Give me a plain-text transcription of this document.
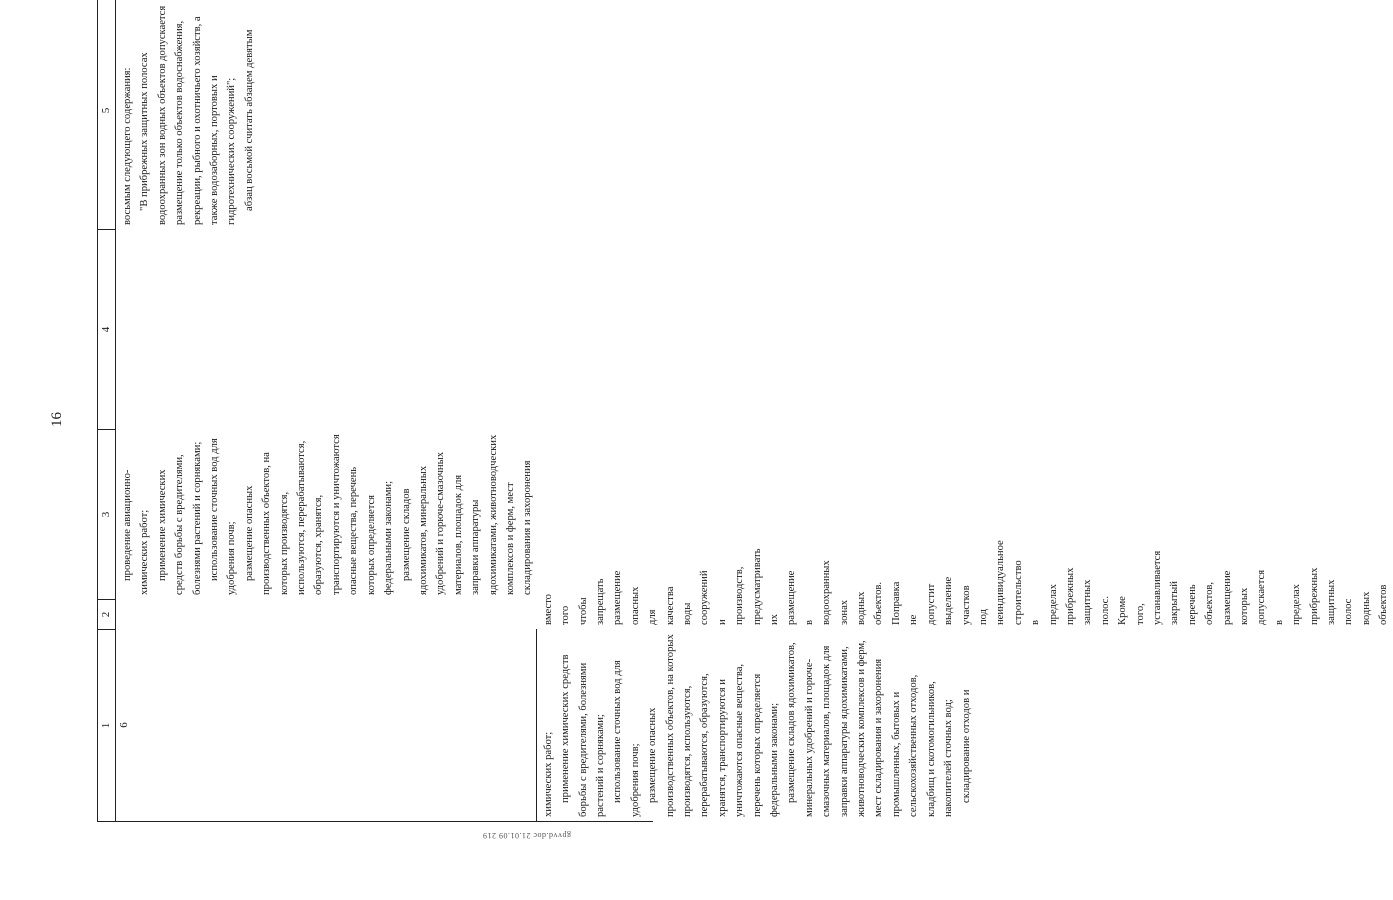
16
gpvvd.doc 21.01.09 219
1
2
3
4
5
6

проведение авиационно-химических работ; применение химических средств борьбы с вредителями, болезнями растений и сорняками; использование сточных вод для удобрения почв; размещение опасных производственных объектов, на которых производятся, используются, перерабатываются, образуются, хранятся, транспортируются и уничтожаются опасные вещества, перечень которых определяется федеральными законами; размещение складов ядохимикатов, минеральных удобрений и горюче-смазочных материалов, площадок для заправки аппаратуры ядохимикатами, животноводческих комплексов и ферм, мест складирования и захоронения

восьмым следующего содержания: "В прибрежных защитных полосах водоохранных зон водных объектов допускается размещение только объектов водоснабжения, рекреации, рыбного и охотничьего хозяйств, а также водозаборных, портовых и гидротехнических сооружений"; абзац восьмой считать абзацем девятым

химических работ; применение химических средств борьбы с вредителями, болезнями растений и сорняками; использование сточных вод для удобрения почв; размещение опасных производственных объектов, на которых производятся, используются, перерабатываются, образуются, хранятся, транспортируются и уничтожаются опасные вещества, перечень которых определяется федеральными законами; размещение складов ядохимикатов, минеральных удобрений и горюче-смазочных материалов, площадок для заправки аппаратуры ядохимикатами, животноводческих комплексов и ферм, мест складирования и захоронения промышленных, бытовых и сельскохозяйственных отходов, кладбищ и скотомогильников, накопителей сточных вод; складирование отходов и

вместо того чтобы запрещать размещение опасных для качества воды сооружений и производств, предусматривать их размещение в водоохранных зонах водных объектов. Поправка не допустит выделение участков под неиндивидуальное строительство в пределах прибрежных защитных полос. Кроме того, устанавливается закрытый перечень объектов, размещение которых допускается в пределах прибрежных защитных полос водных объектов
